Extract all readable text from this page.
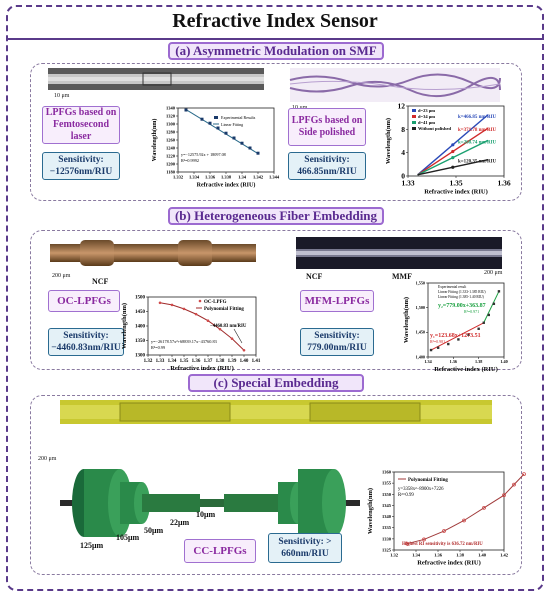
Refractive Index Sensor
(a) Asymmetric Modulation on SMF
10 μm
LPFGs based on Femtosecond laser
Sensitivity: −12576nm/RIU
LPFGs based on Side polished
Sensitivity: 466.85nm/RIU
1.332 1.334 1.336 1.338 1.34 1.342 1.344
1180
1200
1220
1240
1260
1280
1300
1320
1340
Refractive index (RIU)
Wavelength(nm)
Experimental Results
Linear Fitting
y=−12575.92x + 18097.08
R²=0.9992
1.33	1.35	1.36
0
4
8
12
Refractive index (RIU)
Wavelength(nm)
k=466.85 nm/RIU
d=23 μm
k=371.78 nm/RIU
d=34 μm
k=268.74 nm/RIU
d=41 μm
k=120.35 nm/RIU
Without polished
(b) Heterogeneous Fiber Embedding
200 μm
NCF
NCF	MMF	200 μm
OC-LPFGs
Sensitivity: −4460.83nm/RIU
MFM-LPFGs
Sensitivity: 779.00nm/RIU
1.32 1.33 1.34 1.35 1.36 1.37 1.38 1.39 1.40 1.41
1300
1350
1400
1450
1500
Refractive index (RIU)
Wavelength(nm)
OC-LPFG
Polynomial Fitting
−4460.83 nm/RIU
y=−26178.57x²+68839.17x−43760.83
R²=0.99
1.34	1.36	1.38	1.40
1,400
1,450
1,500
1,550
Refractive index (RIU)
Wavelength(nm)
Experimental result
Linear Fitting (1.333-1.385 RIU)
Linear Fitting (1.385-1.40 RIU)
y₁=123.68x+1273.51
R²=0.981
y₂=779.00x+363.87
R²=0.971
(c) Special Embedding
200 μm
10μm
22μm
50μm
105μm
125μm	CC-LPFGs
Sensitivity: > 660nm/RIU	1.32	1.34	1.36	1.38	1.40	1.42
1325
1330
1335
1340
1345
1350
1355
1360
Refractive index (RIU)
Wavelength(nm)
Polynomial Fitting
y=3358x²−8900x+7226
R²=0.99
Highest RI sensitivity is 636.72 nm/RIU
